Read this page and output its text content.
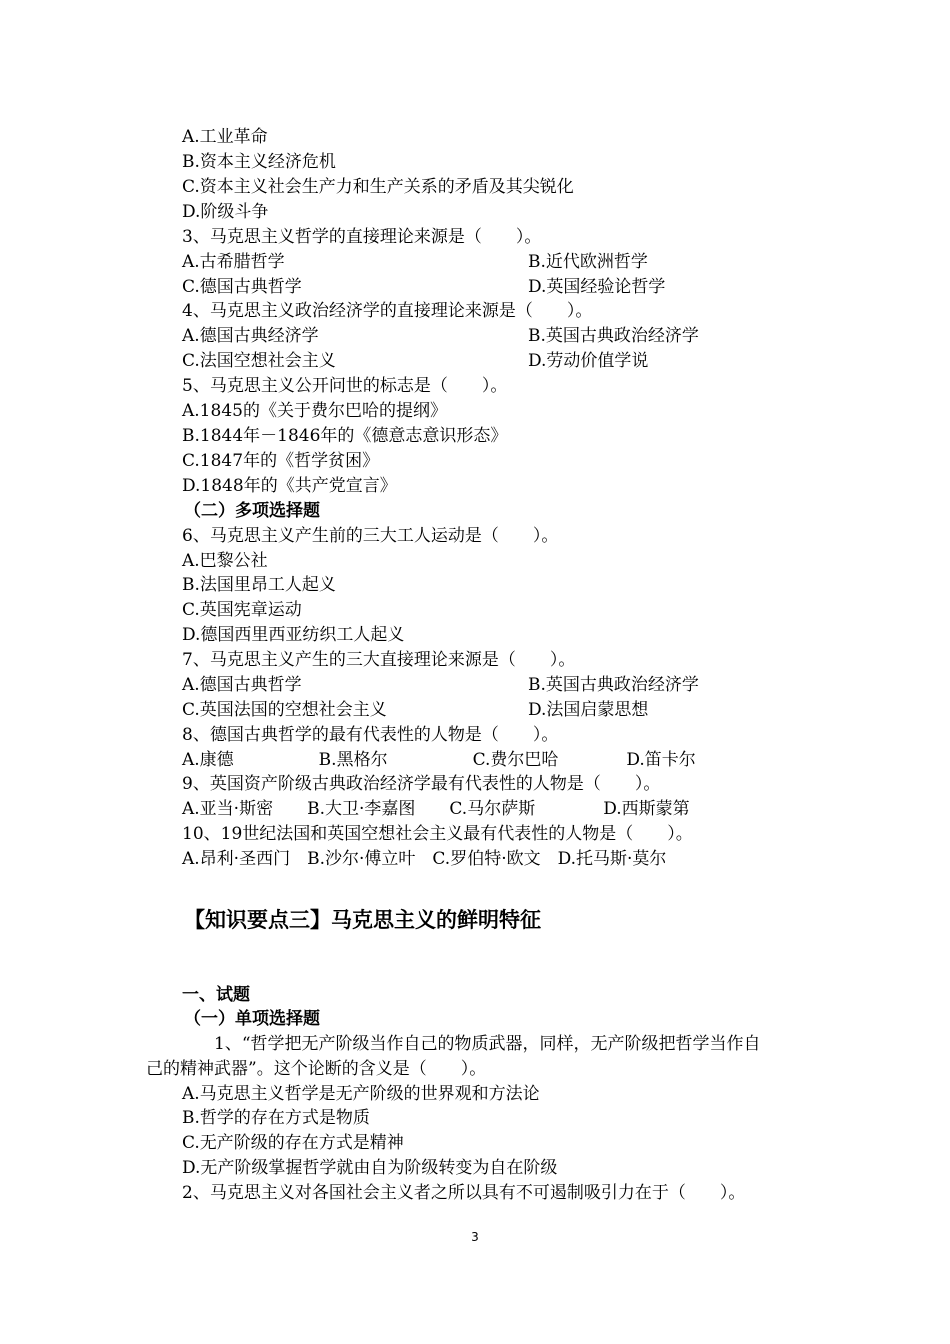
A.工业革命
B.资本主义经济危机
C.资本主义社会生产力和生产关系的矛盾及其尖锐化
D.阶级斗争
3、马克思主义哲学的直接理论来源是（　　）。
A.古希腊哲学	B.近代欧洲哲学
C.德国古典哲学	D.英国经验论哲学
4、马克思主义政治经济学的直接理论来源是（　　）。
A.德国古典经济学	B.英国古典政治经济学
C.法国空想社会主义	D.劳动价值学说
5、马克思主义公开问世的标志是（　　）。
A.1845的《关于费尔巴哈的提纲》
B.1844年－1846年的《德意志意识形态》
C.1847年的《哲学贫困》
D.1848年的《共产党宣言》
（二）多项选择题
6、马克思主义产生前的三大工人运动是（　　）。
A.巴黎公社
B.法国里昂工人起义
C.英国宪章运动
D.德国西里西亚纺织工人起义
7、马克思主义产生的三大直接理论来源是（　　）。
A.德国古典哲学	B.英国古典政治经济学
C.英国法国的空想社会主义	D.法国启蒙思想
8、德国古典哲学的最有代表性的人物是（　　）。
A.康德　　　　　B.黑格尔　　　　　C.费尔巴哈　　　　D.笛卡尔
9、英国资产阶级古典政治经济学最有代表性的人物是（　　）。
A.亚当·斯密　　B.大卫·李嘉图　　C.马尔萨斯　　　　D.西斯蒙第
10、19世纪法国和英国空想社会主义最有代表性的人物是（　　）。
A.昂利·圣西门　B.沙尔·傅立叶　C.罗伯特·欧文　D.托马斯·莫尔
【知识要点三】马克思主义的鲜明特征
一、试题
（一）单项选择题
1、“哲学把无产阶级当作自己的物质武器，同样，无产阶级把哲学当作自
己的精神武器”。这个论断的含义是（　　）。
A.马克思主义哲学是无产阶级的世界观和方法论
B.哲学的存在方式是物质
C.无产阶级的存在方式是精神
D.无产阶级掌握哲学就由自为阶级转变为自在阶级
2、马克思主义对各国社会主义者之所以具有不可遏制吸引力在于（　　）。
3
